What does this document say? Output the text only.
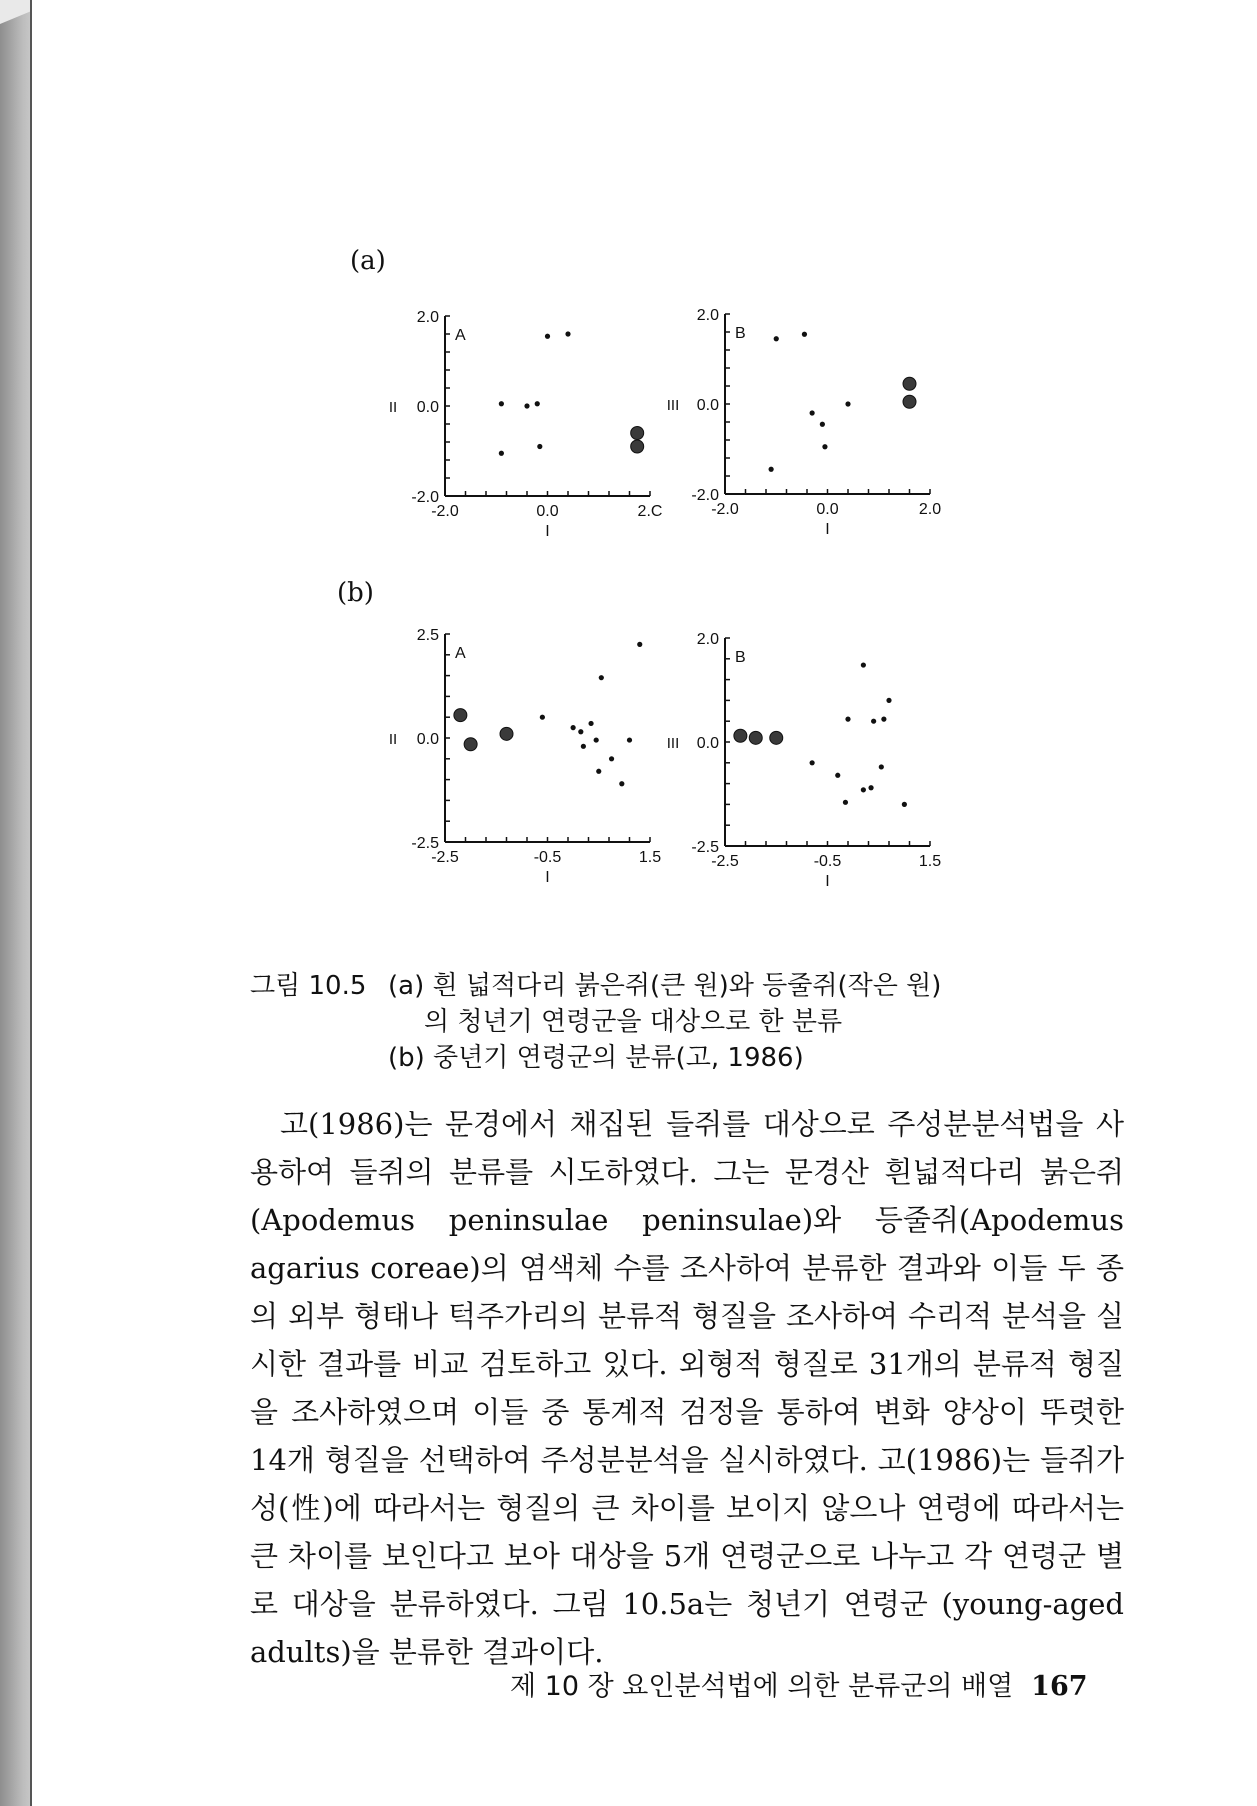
(a)
(b)
2.0
0.0
-2.0
-2.0	0.0	2.C
A
I
II
2.0
0.0
-2.0
-2.0	0.0	2.0
B
I
III
2.5
0.0
-2.5
-2.5	-0.5	1.5
A
I
II
2.0
0.0
-2.5
-2.5	-0.5	1.5
B
I
III
그림 10.5 (a) 흰 넓적다리 붉은쥐(큰 원)와 등줄쥐(작은 원)
의 청년기 연령군을 대상으로 한 분류
(b) 중년기 연령군의 분류(고, 1986)

고(1986)는 문경에서 채집된 들쥐를 대상으로 주성분분석법을 사용하여 들쥐의 분류를 시도하였다. 그는 문경산 흰넓적다리 붉은쥐 (Apodemus peninsulae peninsulae)와 등줄쥐(Apodemus agarius coreae)의 염색체 수를 조사하여 분류한 결과와 이들 두 종의 외부 형태나 턱주가리의 분류적 형질을 조사하여 수리적 분석을 실시한 결과를 비교 검토하고 있다. 외형적 형질로 31개의 분류적 형질을 조사하였으며 이들 중 통계적 검정을 통하여 변화 양상이 뚜렷한 14개 형질을 선택하여 주성분분석을 실시하였다. 고(1986)는 들쥐가 성(性)에 따라서는 형질의 큰 차이를 보이지 않으나 연령에 따라서는 큰 차이를 보인다고 보아 대상을 5개 연령군으로 나누고 각 연령군 별로 대상을 분류하였다. 그림 10.5a는 청년기 연령군 (young-aged adults)을 분류한 결과이다.

제 10 장 요인분석법에 의한 분류군의 배열 167
